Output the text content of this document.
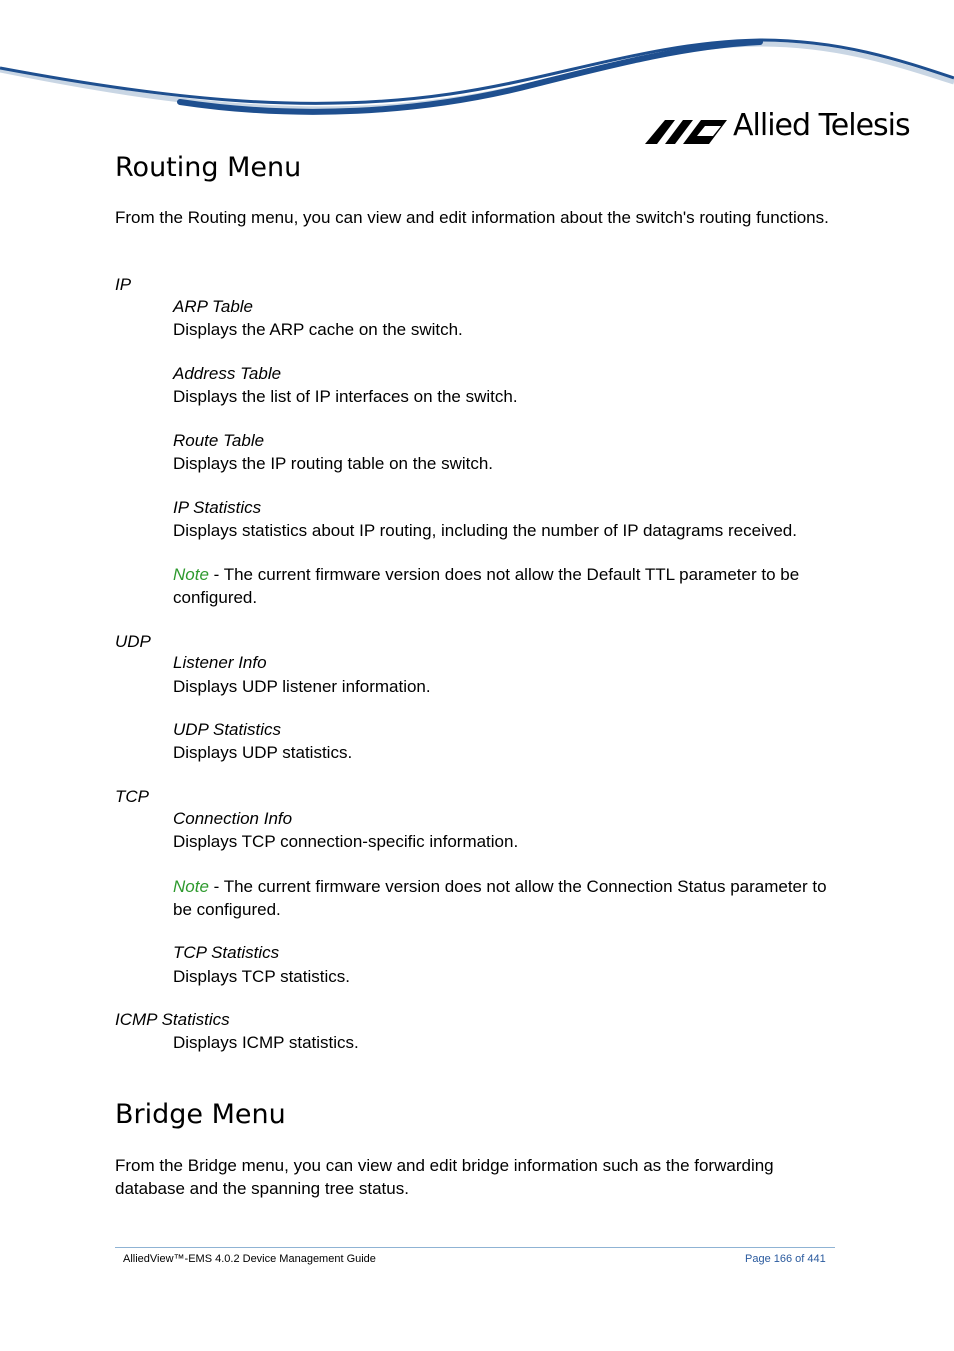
Allied Telesis
Routing Menu

From the Routing menu, you can view and edit information about the switch's routing functions.

IP

ARP Table

Displays the ARP cache on the switch.

Address Table

Displays the list of IP interfaces on the switch.

Route Table

Displays the IP routing table on the switch.

IP Statistics

Displays statistics about IP routing, including the number of IP datagrams received.

Note - The current firmware version does not allow the Default TTL parameter to be configured.

UDP

Listener Info

Displays UDP listener information.

UDP Statistics

Displays UDP statistics.

TCP

Connection Info

Displays TCP connection-specific information.

Note - The current firmware version does not allow the Connection Status parameter to be configured.

TCP Statistics

Displays TCP statistics.

ICMP Statistics

Displays ICMP statistics.

Bridge Menu

From the Bridge menu, you can view and edit bridge information such as the forwarding database and the spanning tree status.

AlliedView™-EMS 4.0.2 Device Management Guide	Page 166 of 441
